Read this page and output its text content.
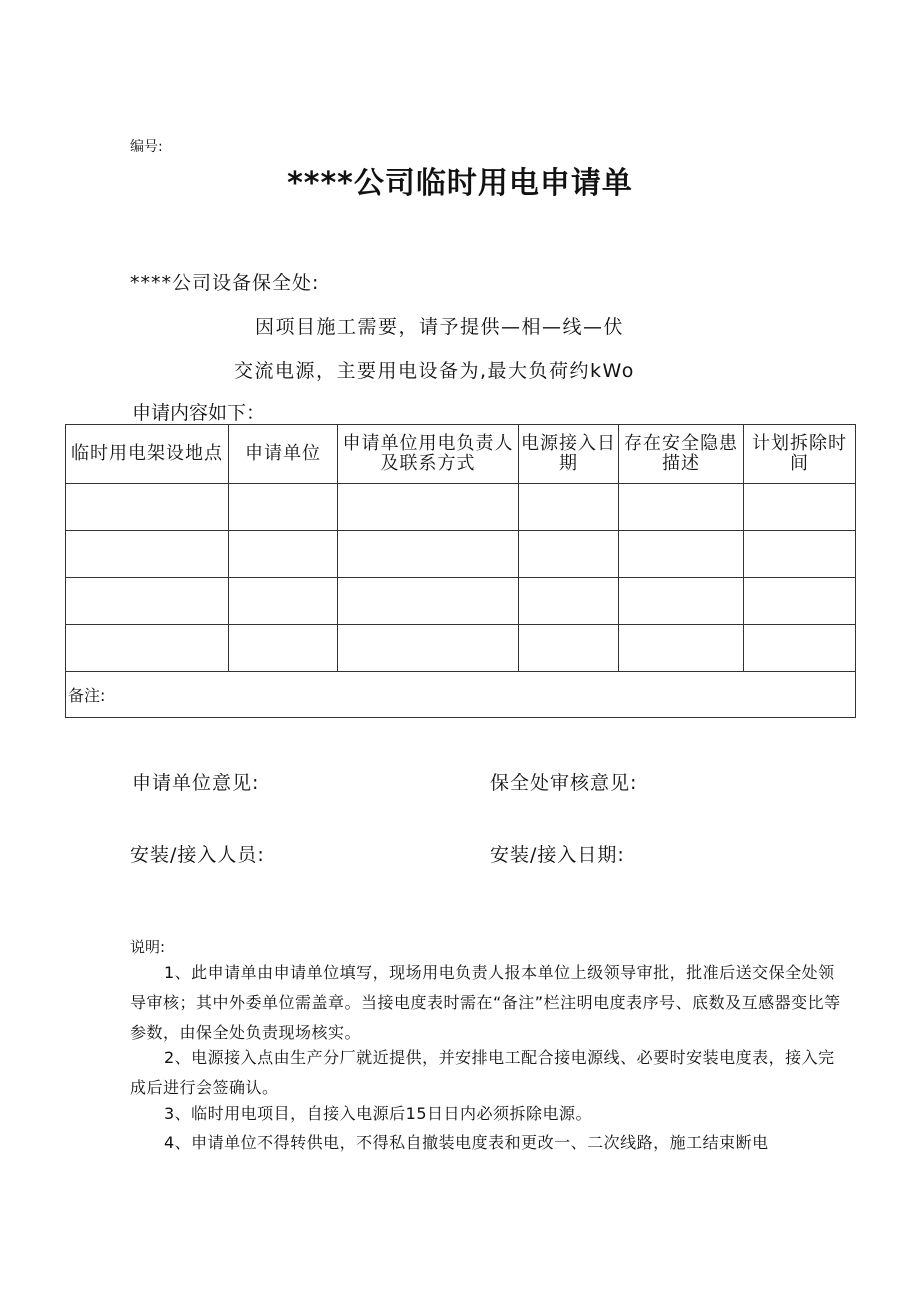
编号:
****公司临时用电申请单
****公司设备保全处:
因项目施工需要，请予提供—相—线—伏
交流电源，主要用电设备为,最大负荷约kWo
申请内容如下：
临时用电架设地点	申请单位	申请单位用电负责人及联系方式	电源接入日期	存在安全隐患描述	计划拆除时间

备注:					
申请单位意见:	保全处审核意见:
安装/接入人员:	安装/接入日期:
说明:
1、此申请单由申请单位填写，现场用电负责人报本单位上级领导审批，批准后送交保全处领导审核；其中外委单位需盖章。当接电度表时需在“备注”栏注明电度表序号、底数及互感器变比等参数，由保全处负责现场核实。
2、电源接入点由生产分厂就近提供，并安排电工配合接电源线、必要时安装电度表，接入完成后进行会签确认。
3、临时用电项目，自接入电源后15日日内必须拆除电源。
4、申请单位不得转供电，不得私自撤装电度表和更改一、二次线路，施工结束断电
